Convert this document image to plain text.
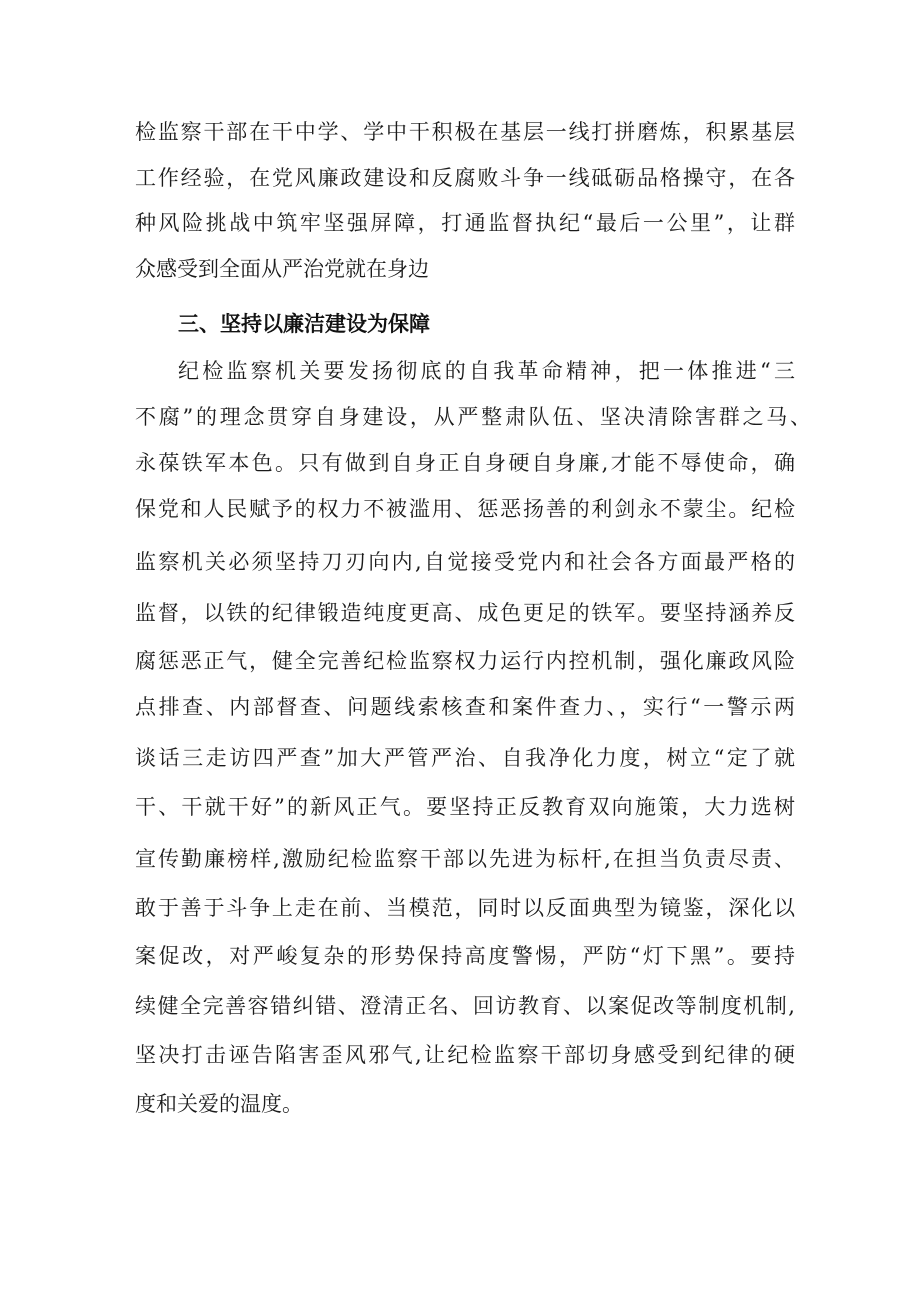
检监察干部在干中学、学中干积极在基层一线打拼磨炼，积累基层
工作经验，在党风廉政建设和反腐败斗争一线砥砺品格操守，在各
种风险挑战中筑牢坚强屏障，打通监督执纪“最后一公里”，让群
众感受到全面从严治党就在身边
三、坚持以廉洁建设为保障
纪检监察机关要发扬彻底的自我革命精神，把一体推进“三
不腐”的理念贯穿自身建设，从严整肃队伍、坚决清除害群之马、
永葆铁军本色。只有做到自身正自身硬自身廉,才能不辱使命，确
保党和人民赋予的权力不被滥用、惩恶扬善的利剑永不蒙尘。纪检
监察机关必须坚持刀刃向内,自觉接受党内和社会各方面最严格的
监督，以铁的纪律锻造纯度更高、成色更足的铁军。要坚持涵养反
腐惩恶正气，健全完善纪检监察权力运行内控机制，强化廉政风险
点排查、内部督查、问题线索核查和案件查力、，实行“一警示两
谈话三走访四严查”加大严管严治、自我净化力度，树立“定了就
干、干就干好”的新风正气。要坚持正反教育双向施策，大力选树
宣传勤廉榜样,激励纪检监察干部以先进为标杆,在担当负责尽责、
敢于善于斗争上走在前、当模范，同时以反面典型为镜鉴，深化以
案促改，对严峻复杂的形势保持高度警惕，严防“灯下黑”。要持
续健全完善容错纠错、澄清正名、回访教育、以案促改等制度机制,
坚决打击诬告陷害歪风邪气,让纪检监察干部切身感受到纪律的硬
度和关爱的温度。
